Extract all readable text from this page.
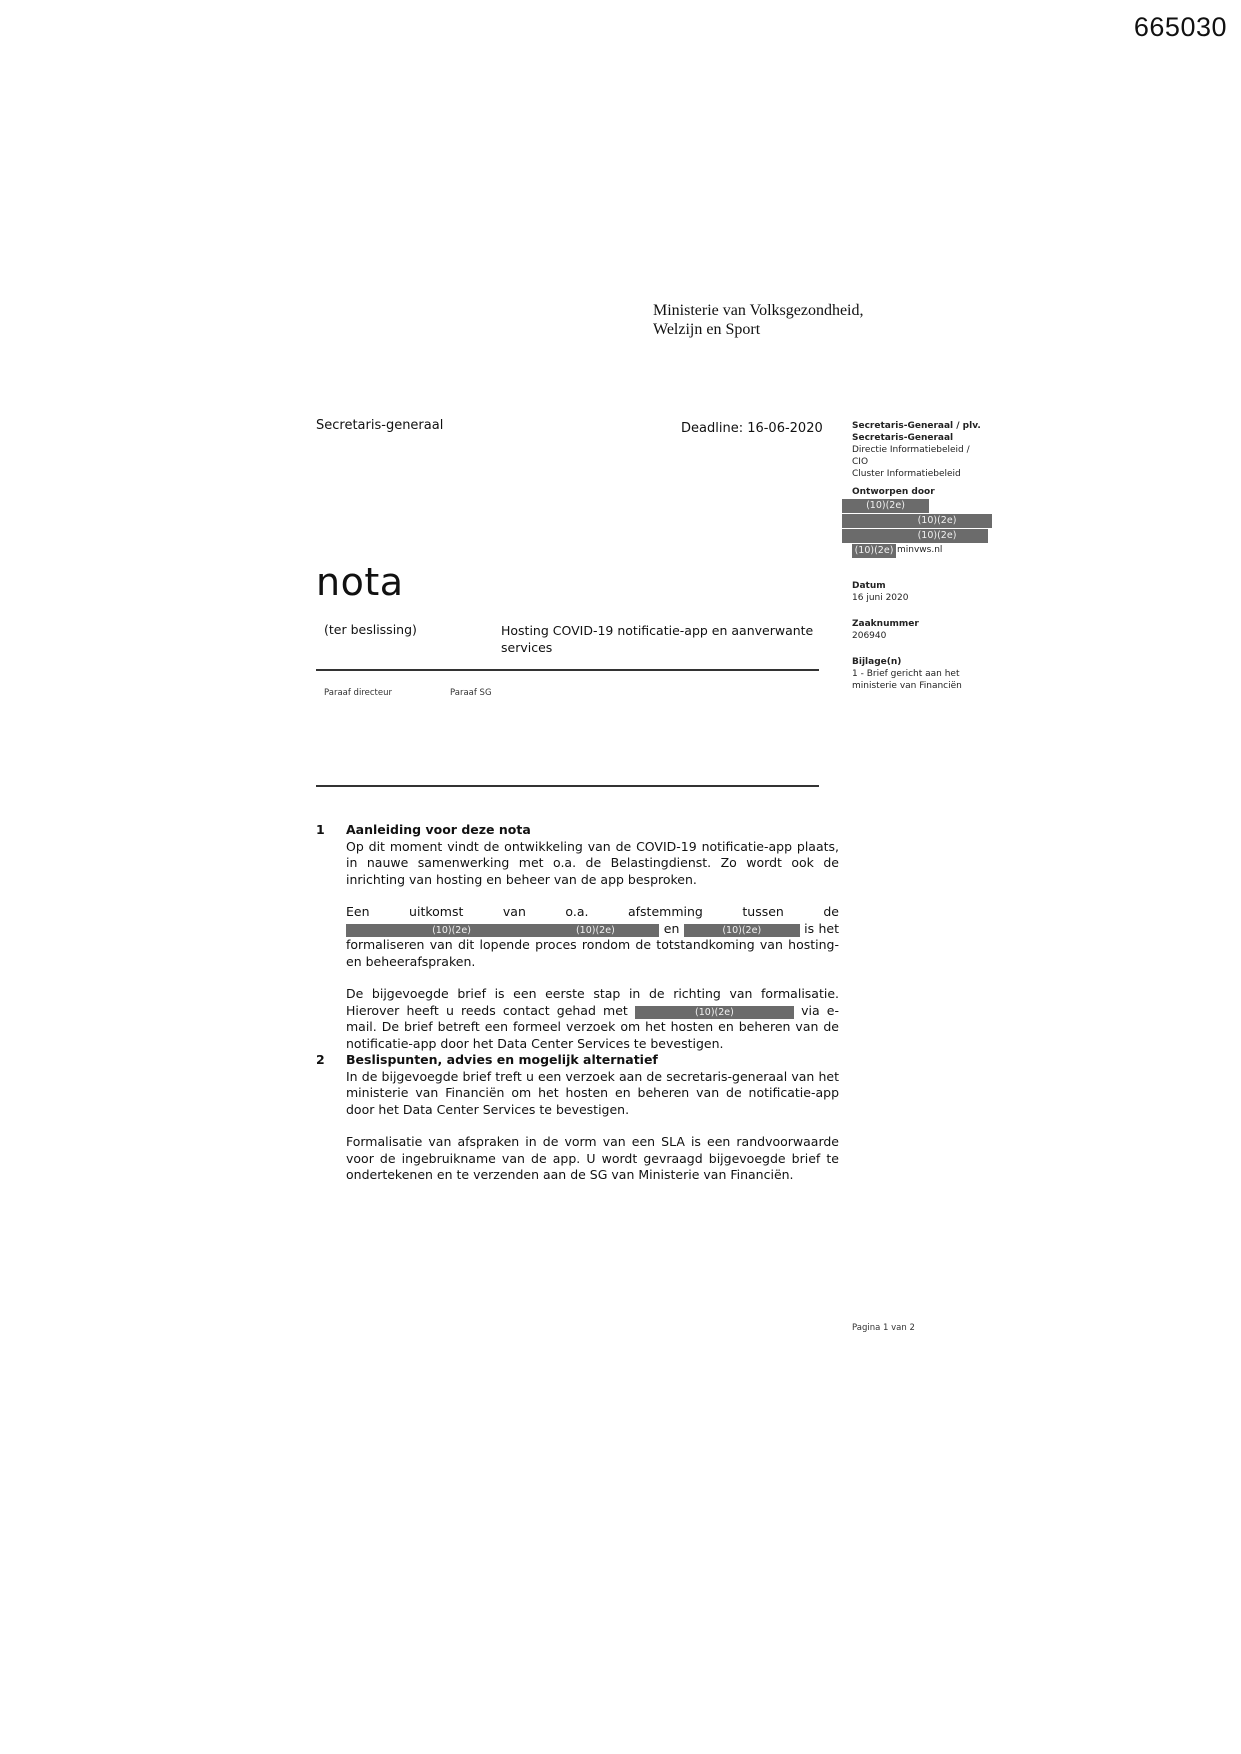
665030
Ministerie van Volksgezondheid,
Welzijn en Sport
Secretaris-generaal	Deadline: 16-06-2020	Secretaris-Generaal / plv. Secretaris-Generaal
Directie Informatiebeleid /
CIO
Cluster Informatiebeleid
Ontworpen door
(10)(2e)
(10)(2e)
(10)(2e)
(10)(2e) minvws.nl
Datum
16 juni 2020
Zaaknummer
206940
Bijlage(n)
1 - Brief gericht aan het ministerie van Financiën
nota
(ter beslissing)	Hosting COVID-19 notificatie-app en aanverwante services
Paraaf directeur	Paraaf SG
1 Aanleiding voor deze nota

Op dit moment vindt de ontwikkeling van de COVID-19 notificatie-app plaats, in nauwe samenwerking met o.a. de Belastingdienst. Zo wordt ook de inrichting van hosting en beheer van de app besproken.

Een uitkomst van o.a. afstemming tussen de (10)(2e)	(10)(2e)	en	(10)(2e)	is het formaliseren van dit lopende proces rondom de totstandkoming van hosting- en beheerafspraken.

De bijgevoegde brief is een eerste stap in de richting van formalisatie. Hierover heeft u reeds contact gehad met	(10)(2e)	via e-mail. De brief betreft een formeel verzoek om het hosten en beheren van de notificatie-app door het Data Center Services te bevestigen.

2 Beslispunten, advies en mogelijk alternatief

In de bijgevoegde brief treft u een verzoek aan de secretaris-generaal van het ministerie van Financiën om het hosten en beheren van de notificatie-app door het Data Center Services te bevestigen.

Formalisatie van afspraken in de vorm van een SLA is een randvoorwaarde voor de ingebruikname van de app. U wordt gevraagd bijgevoegde brief te ondertekenen en te verzenden aan de SG van Ministerie van Financiën.

Pagina 1 van 2
